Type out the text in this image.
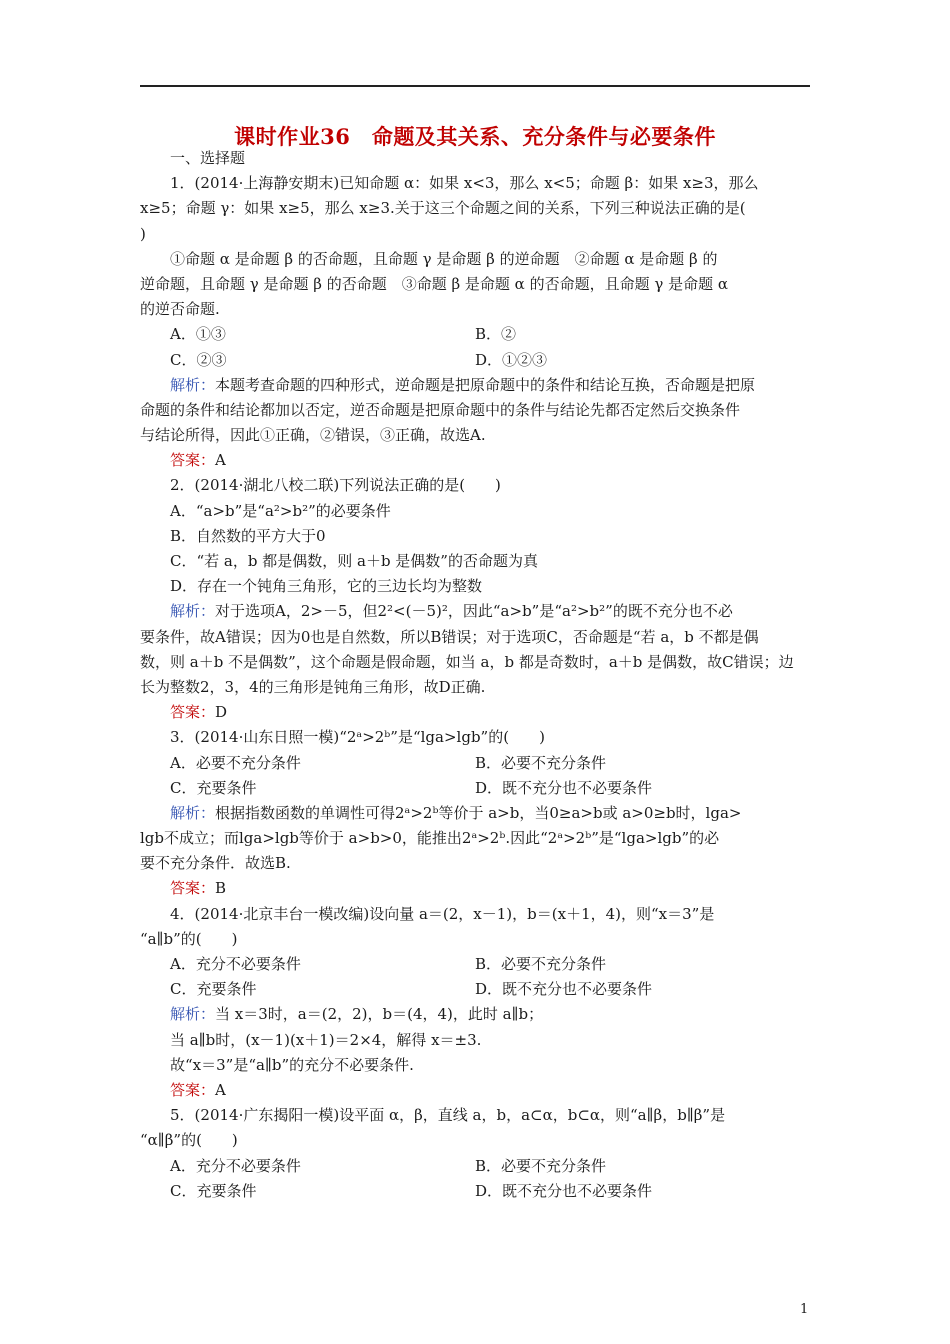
课时作业36　命题及其关系、充分条件与必要条件
一、选择题
1．(2014·上海静安期末)已知命题 α：如果 x<3，那么 x<5；命题 β：如果 x≥3，那么
x≥5；命题 γ：如果 x≥5，那么 x≥3.关于这三个命题之间的关系，下列三种说法正确的是(
)
①命题 α 是命题 β 的否命题，且命题 γ 是命题 β 的逆命题　②命题 α 是命题 β 的
逆命题，且命题 γ 是命题 β 的否命题　③命题 β 是命题 α 的否命题，且命题 γ 是命题 α
的逆否命题.
A．①③	B．②
C．②③	D．①②③
解析：本题考查命题的四种形式，逆命题是把原命题中的条件和结论互换，否命题是把原
命题的条件和结论都加以否定，逆否命题是把原命题中的条件与结论先都否定然后交换条件
与结论所得，因此①正确，②错误，③正确，故选A.
答案：A
2．(2014·湖北八校二联)下列说法正确的是(　　)
A．“a>b”是“a²>b²”的必要条件
B．自然数的平方大于0
C．“若 a，b 都是偶数，则 a＋b 是偶数”的否命题为真
D．存在一个钝角三角形，它的三边长均为整数
解析：对于选项A，2>－5，但2²<(－5)²，因此“a>b”是“a²>b²”的既不充分也不必
要条件，故A错误；因为0也是自然数，所以B错误；对于选项C，否命题是“若 a，b 不都是偶
数，则 a＋b 不是偶数”，这个命题是假命题，如当 a，b 都是奇数时，a＋b 是偶数，故C错误；边
长为整数2，3，4的三角形是钝角三角形，故D正确.
答案：D
3．(2014·山东日照一模)“2ᵃ>2ᵇ”是“lga>lgb”的(　　)
A．必要不充分条件	B．必要不充分条件
C．充要条件	D．既不充分也不必要条件
解析：根据指数函数的单调性可得2ᵃ>2ᵇ等价于 a>b，当0≥a>b或 a>0≥b时，lga>
lgb不成立；而lga>lgb等价于 a>b>0，能推出2ᵃ>2ᵇ.因此“2ᵃ>2ᵇ”是“lga>lgb”的必
要不充分条件．故选B.
答案：B
4．(2014·北京丰台一模改编)设向量 a＝(2，x－1)，b＝(x＋1，4)，则“x＝3”是
“a∥b”的(　　)
A．充分不必要条件	B．必要不充分条件
C．充要条件	D．既不充分也不必要条件
解析：当 x＝3时，a＝(2，2)，b＝(4，4)，此时 a∥b；
当 a∥b时，(x－1)(x＋1)＝2×4，解得 x＝±3.
故“x＝3”是“a∥b”的充分不必要条件.
答案：A
5．(2014·广东揭阳一模)设平面 α，β，直线 a，b，a⊂α，b⊂α，则“a∥β，b∥β”是
“α∥β”的(　　)
A．充分不必要条件	B．必要不充分条件
C．充要条件	D．既不充分也不必要条件
1
